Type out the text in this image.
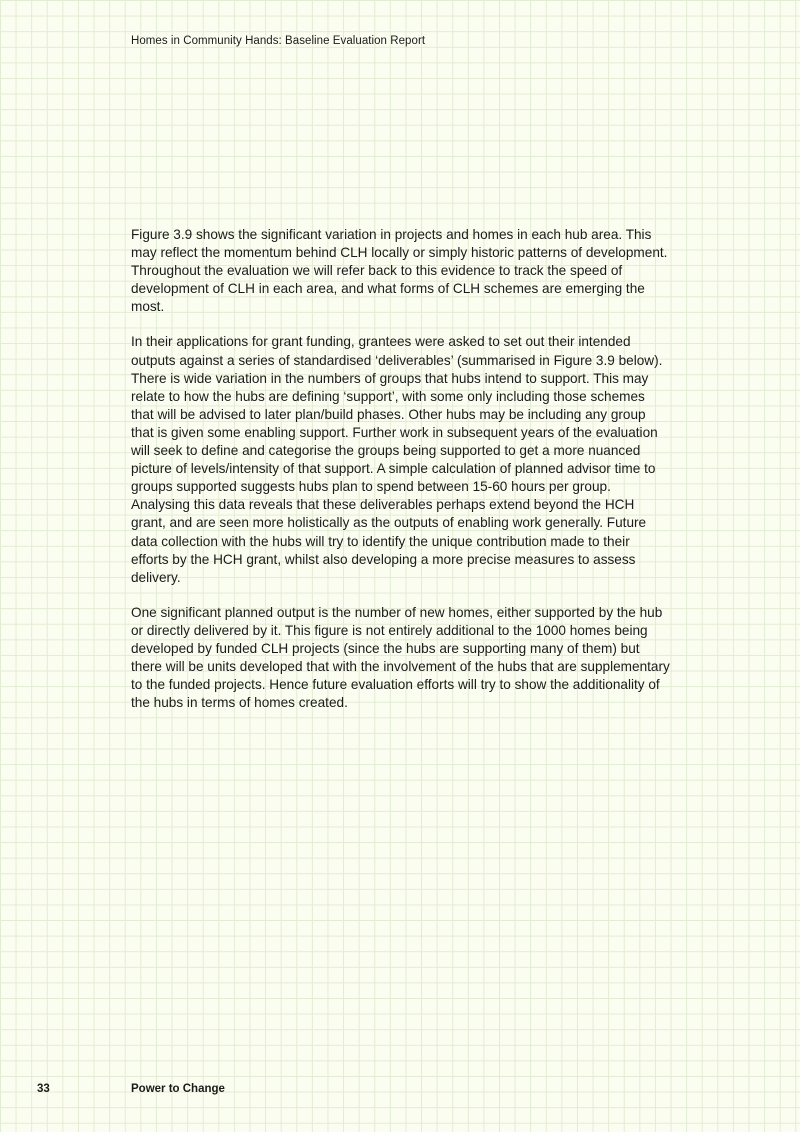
Homes in Community Hands: Baseline Evaluation Report

Figure 3.9 shows the significant variation in projects and homes in each hub area. This may reflect the momentum behind CLH locally or simply historic patterns of development. Throughout the evaluation we will refer back to this evidence to track the speed of development of CLH in each area, and what forms of CLH schemes are emerging the most.

In their applications for grant funding, grantees were asked to set out their intended outputs against a series of standardised ‘deliverables’ (summarised in Figure 3.9 below). There is wide variation in the numbers of groups that hubs intend to support. This may relate to how the hubs are defining ‘support’, with some only including those schemes that will be advised to later plan/build phases. Other hubs may be including any group that is given some enabling support. Further work in subsequent years of the evaluation will seek to define and categorise the groups being supported to get a more nuanced picture of levels/intensity of that support. A simple calculation of planned advisor time to groups supported suggests hubs plan to spend between 15-60 hours per group. Analysing this data reveals that these deliverables perhaps extend beyond the HCH grant, and are seen more holistically as the outputs of enabling work generally. Future data collection with the hubs will try to identify the unique contribution made to their efforts by the HCH grant, whilst also developing a more precise measures to assess delivery.

One significant planned output is the number of new homes, either supported by the hub or directly delivered by it. This figure is not entirely additional to the 1000 homes being developed by funded CLH projects (since the hubs are supporting many of them) but there will be units developed that with the involvement of the hubs that are supplementary to the funded projects. Hence future evaluation efforts will try to show the additionality of the hubs in terms of homes created.

33	Power to Change
